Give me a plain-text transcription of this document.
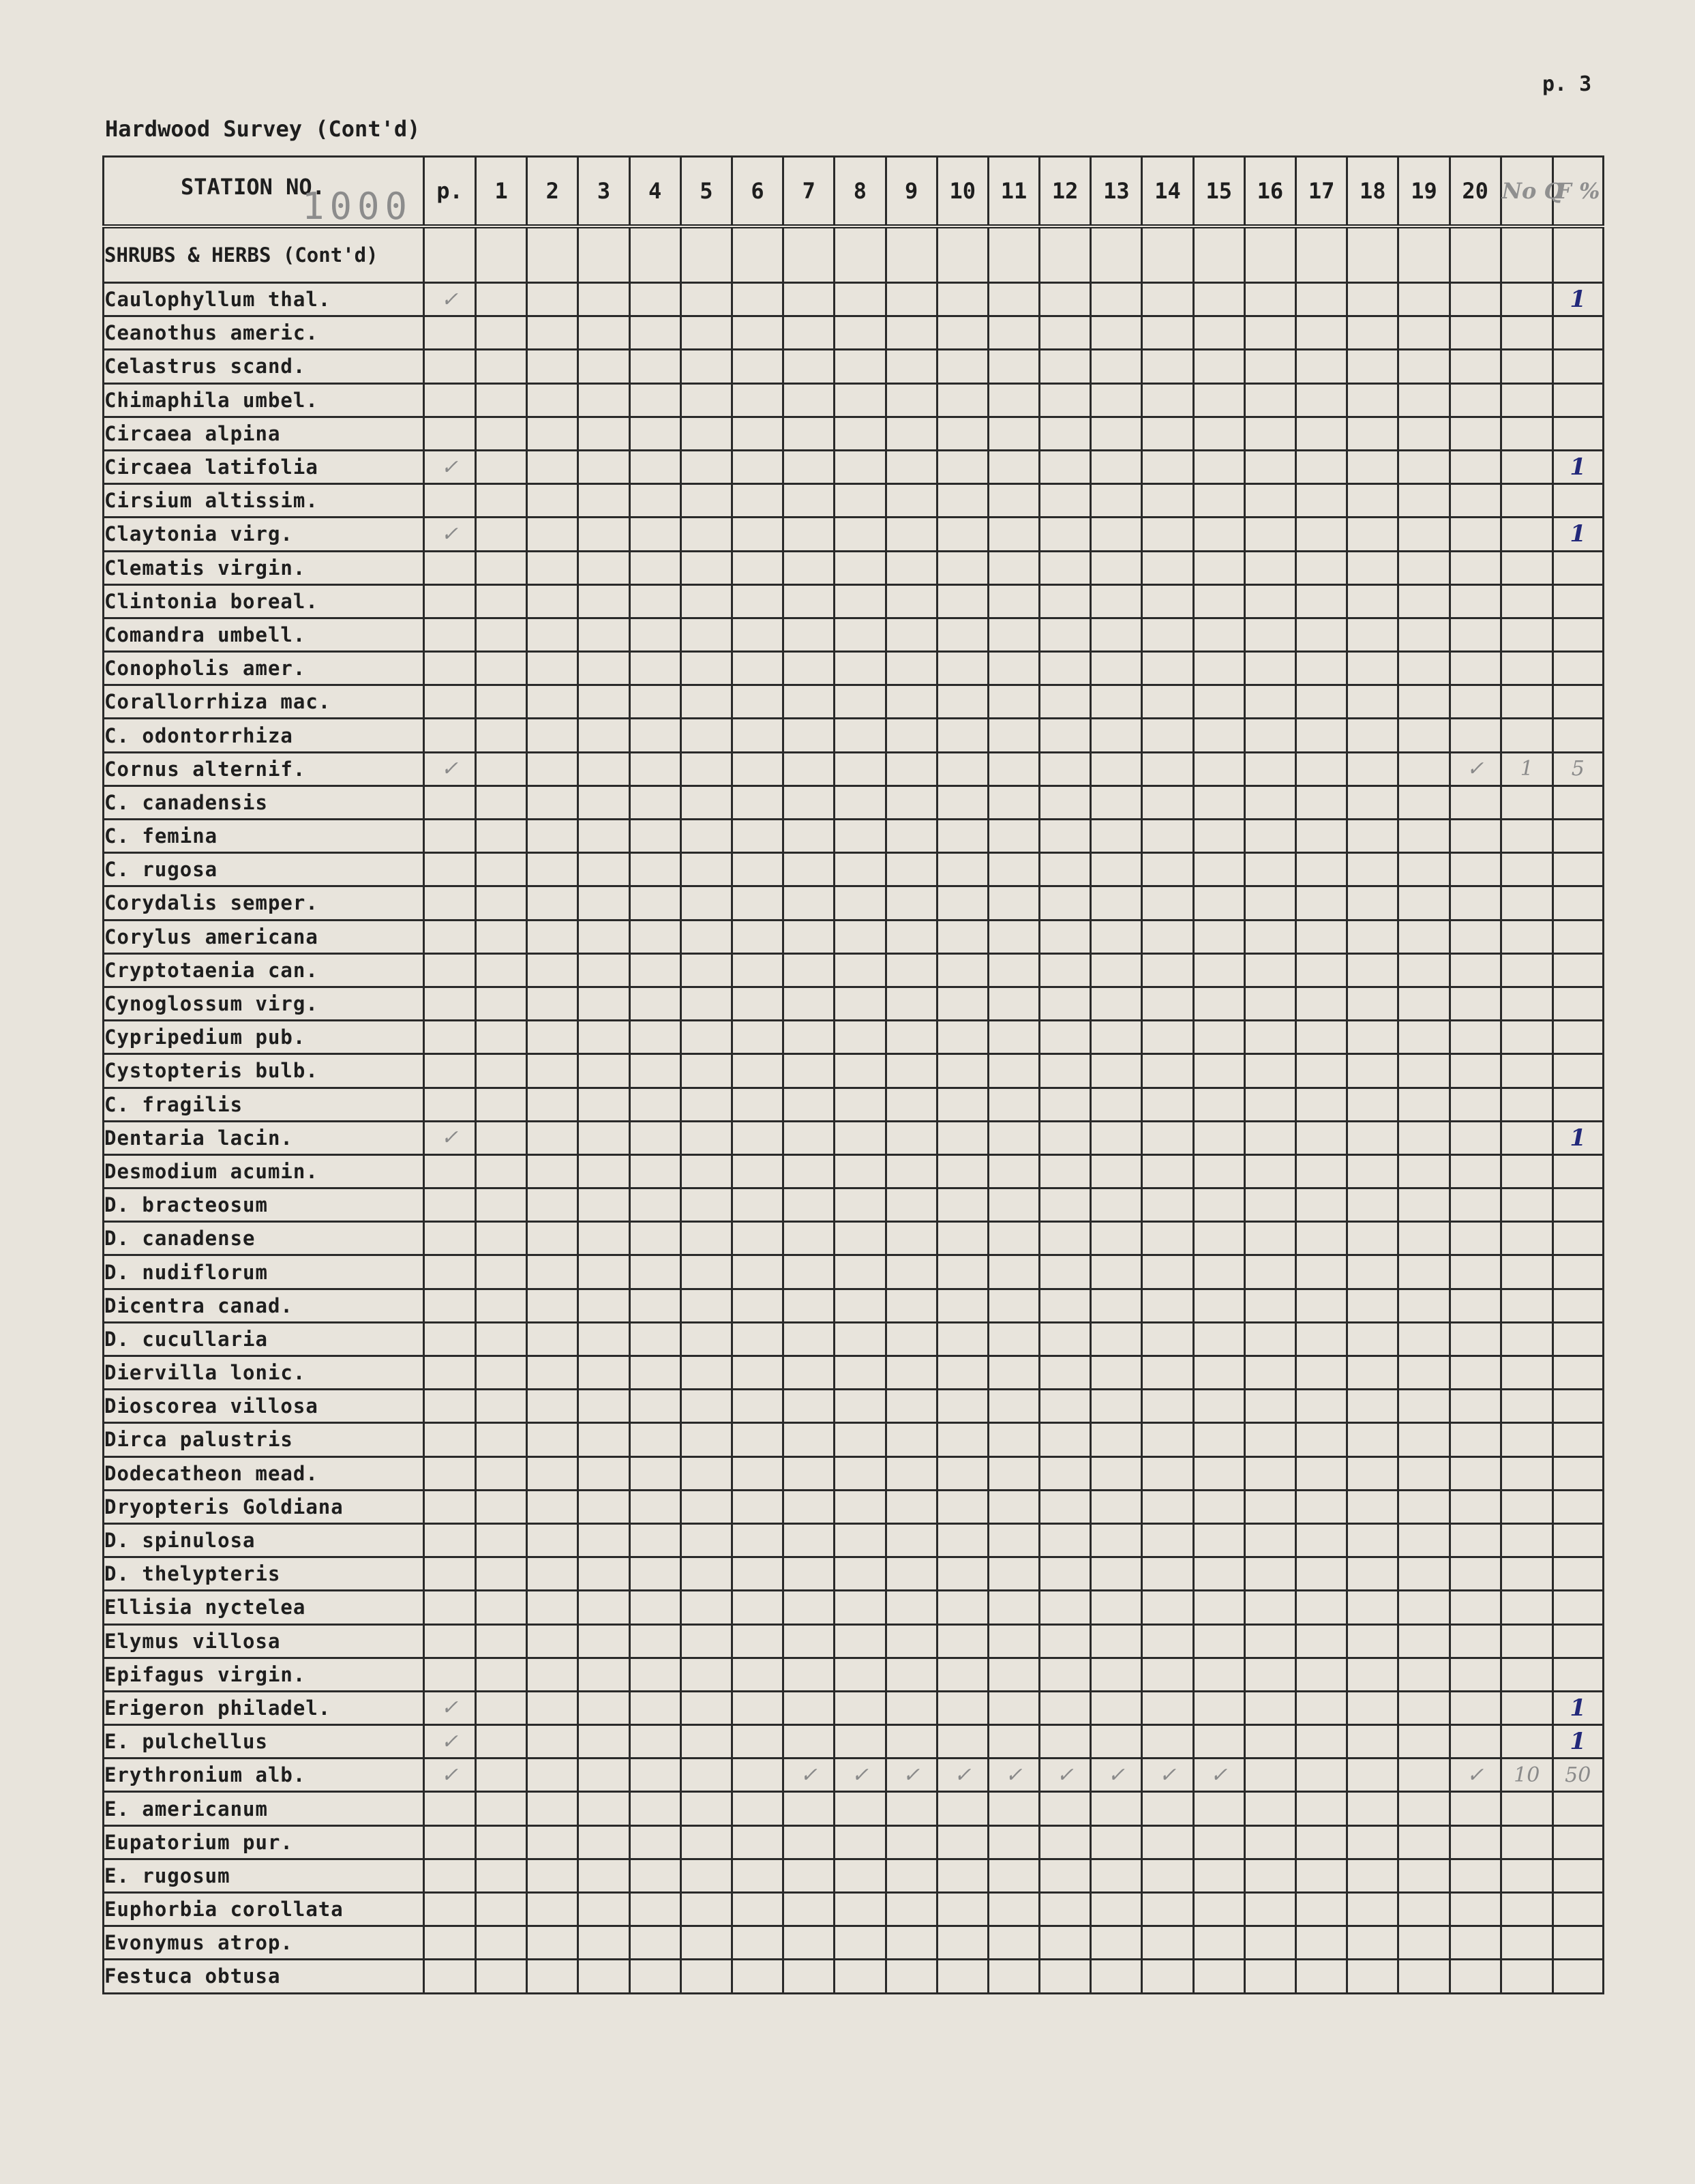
p. 3
Hardwood Survey (Cont'd)
STATION NO.
1000	p.	1	2	3	4	5	6	7	8	9	10	11	12	13	14	15	16	17	18	19	20	No Q	F %
SHRUBS & HERBS (Cont'd)																							
Caulophyllum thal.	✓																						1
Ceanothus americ.																							
Celastrus scand.																							
Chimaphila umbel.																							
Circaea alpina																							
Circaea latifolia	✓																						1
Cirsium altissim.																							
Claytonia virg.	✓																						1
Clematis virgin.																							
Clintonia boreal.																							
Comandra umbell.																							
Conopholis amer.																							
Corallorrhiza mac.																							
C. odontorrhiza																							
Cornus alternif.	✓																				✓	1	5
C. canadensis																							
C. femina																							
C. rugosa																							
Corydalis semper.																							
Corylus americana																							
Cryptotaenia can.																							
Cynoglossum virg.																							
Cypripedium pub.																							
Cystopteris bulb.																							
C. fragilis																							
Dentaria lacin.	✓																						1
Desmodium acumin.																							
D. bracteosum																							
D. canadense																							
D. nudiflorum																							
Dicentra canad.																							
D. cucullaria																							
Diervilla lonic.																							
Dioscorea villosa																							
Dirca palustris																							
Dodecatheon mead.																							
Dryopteris Goldiana																							
D. spinulosa																							
D. thelypteris																							
Ellisia nyctelea																							
Elymus villosa																							
Epifagus virgin.																							
Erigeron philadel.	✓																						1
E. pulchellus	✓																						1
Erythronium alb.	✓							✓	✓	✓	✓	✓	✓	✓	✓	✓					✓	10	50
E. americanum																							
Eupatorium pur.																							
E. rugosum																							
Euphorbia corollata																							
Evonymus atrop.																							
Festuca obtusa																							
